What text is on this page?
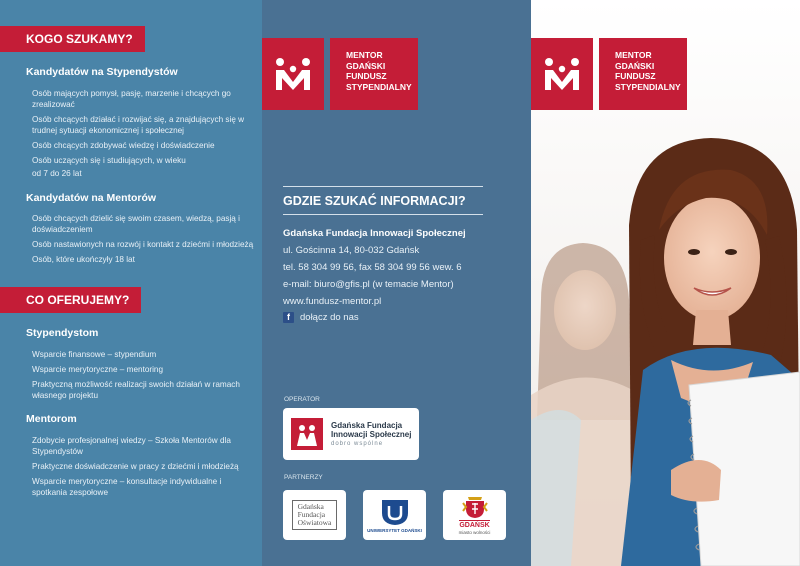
KOGO SZUKAMY?
Kandydatów na Stypendystów
Osób mających pomysł, pasję, marzenie i chcących go zrealizować
Osób chcących działać i rozwijać się, a znajdujących się w trudnej sytuacji ekonomicznej i społecznej
Osób chcących zdobywać wiedzę i doświadczenie
Osób uczących się i studiujących, w wieku
od 7 do 26 lat
Kandydatów na Mentorów
Osób chcących dzielić się swoim czasem, wiedzą, pasją i doświadczeniem
Osób nastawionych na rozwój i kontakt z dziećmi i młodzieżą
Osób, które ukończyły 18 lat
CO OFERUJEMY?
Stypendystom
Wsparcie finansowe – stypendium
Wsparcie merytoryczne – mentoring
Praktyczną możliwość realizacji swoich działań w ramach własnego projektu
Mentorom
Zdobycie profesjonalnej wiedzy – Szkoła Mentorów dla Stypendystów
Praktyczne doświadczenie w pracy z dziećmi i młodzieżą
Wsparcie merytoryczne – konsultacje indywidualne i spotkania zespołowe
MENTOR
GDAŃSKI
FUNDUSZ
STYPENDIALNY
GDZIE SZUKAĆ INFORMACJI?
Gdańska Fundacja Innowacji Społecznej
ul. Gościnna 14, 80-032 Gdańsk
tel. 58 304 99 56, fax 58 304 99 56 wew. 6
e-mail: biuro@gfis.pl (w temacie Mentor)
www.fundusz-mentor.pl
f	dołącz do nas
OPERATOR
Gdańska Fundacja
Innowacji Społecznej
dobro wspólne
PARTNERZY
Gdańska
Fundacja
Oświatowa
UNIWERSYTET GDAŃSKI
GDAŃSK
miasto wolności
MENTOR
GDAŃSKI
FUNDUSZ
STYPENDIALNY
